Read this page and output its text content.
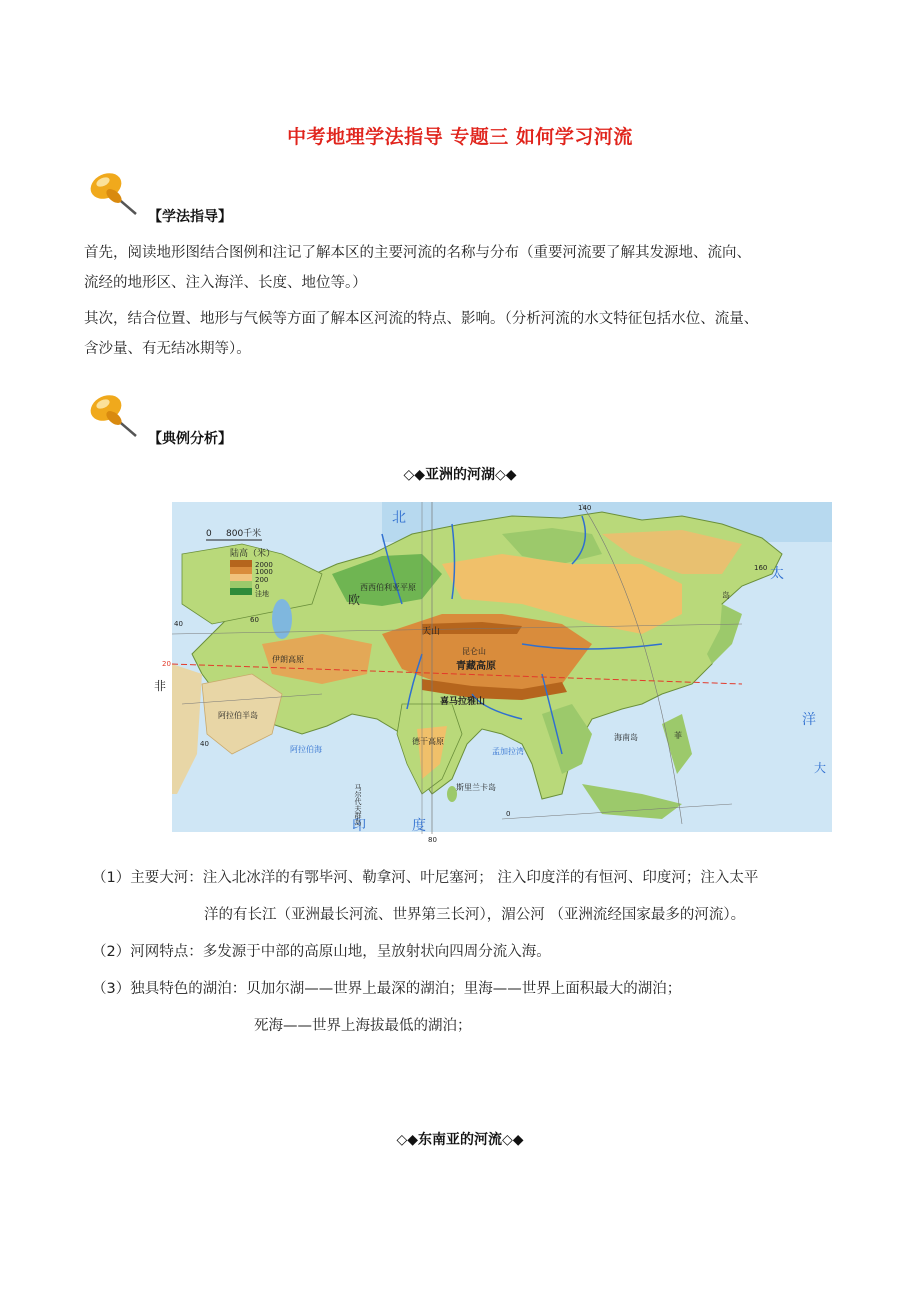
中考地理学法指导 专题三 如何学习河流
【学法指导】
首先，阅读地形图结合图例和注记了解本区的主要河流的名称与分布（重要河流要了解其发源地、流向、
流经的地形区、注入海洋、长度、地位等。）
其次，结合位置、地形与气候等方面了解本区河流的特点、影响。（分析河流的水文特征包括水位、流量、
含沙量、有无结冰期等）。
【典例分析】
◇◆亚洲的河湖◇◆
0 800千米
陆高（米）
2000
1000
200
0
洼地
北
太
洋
大
印	度
欧
非
青藏高原
喜马拉雅山
西西伯利亚平原
阿拉伯半岛
阿拉伯海	孟加拉湾
斯里兰卡岛
德干高原
伊朗高原
天山
昆仑山
马尔代夫群岛
岛
海南岛	菲
40
20
0
60
80
140
160
40
（1）主要大河：注入北冰洋的有鄂毕河、勒拿河、叶尼塞河； 注入印度洋的有恒河、印度河；注入太平
洋的有长江（亚洲最长河流、世界第三长河），湄公河 （亚洲流经国家最多的河流）。
（2）河网特点：多发源于中部的高原山地，呈放射状向四周分流入海。
（3）独具特色的湖泊：贝加尔湖——世界上最深的湖泊；里海——世界上面积最大的湖泊；
死海——世界上海拔最低的湖泊；
◇◆东南亚的河流◇◆
